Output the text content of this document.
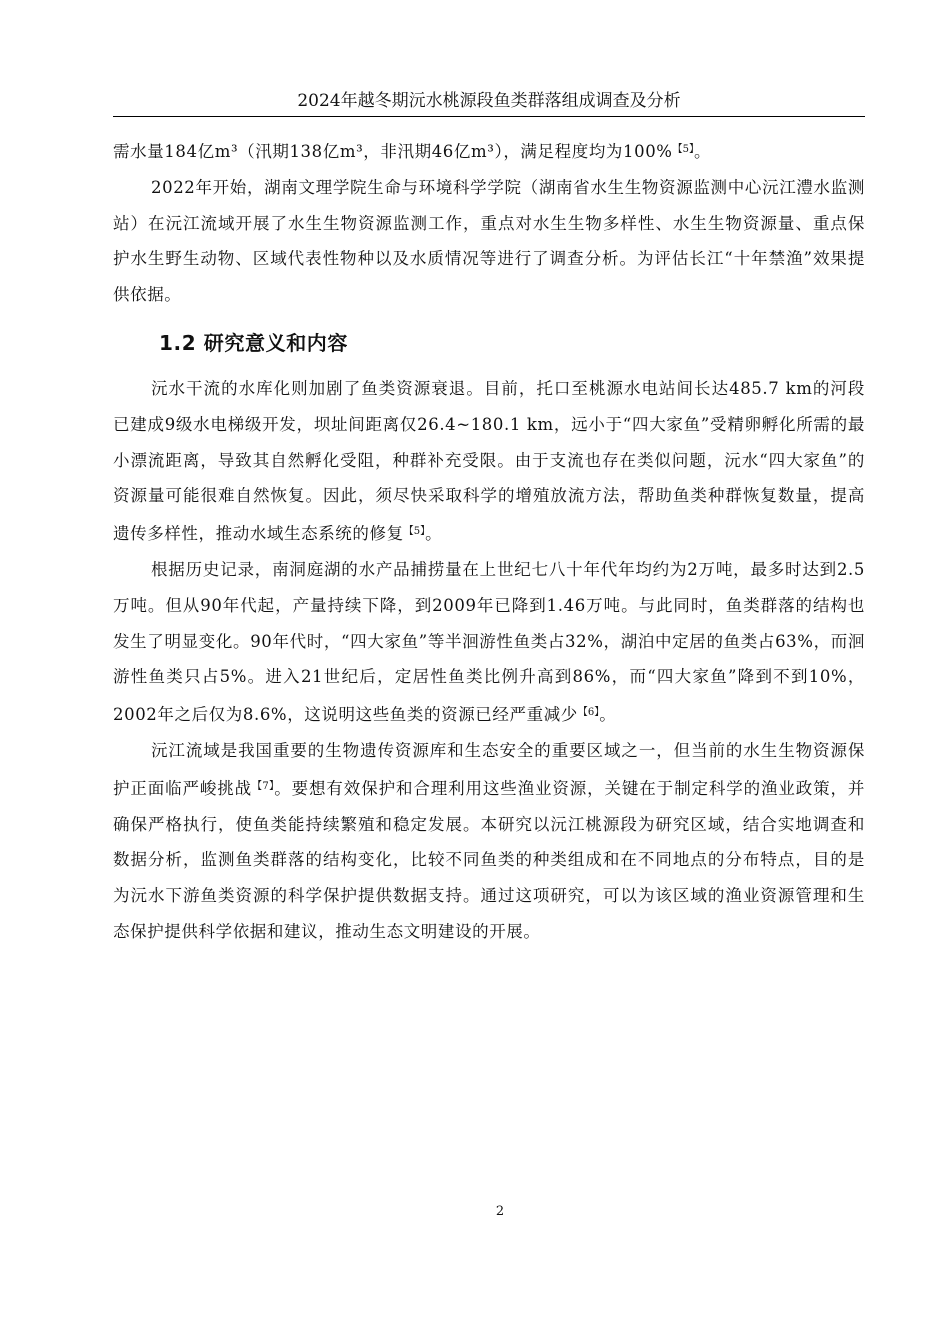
2024年越冬期沅水桃源段鱼类群落组成调查及分析

需水量184亿m³（汛期138亿m³，非汛期46亿m³），满足程度均为100%$^{【5】}$。

2022年开始，湖南文理学院生命与环境科学学院（湖南省水生生物资源监测中心沅江澧水监测站）在沅江流域开展了水生生物资源监测工作，重点对水生生物多样性、水生生物资源量、重点保护水生野生动物、区域代表性物种以及水质情况等进行了调查分析。为评估长江“十年禁渔”效果提供依据。

1.2 研究意义和内容

沅水干流的水库化则加剧了鱼类资源衰退。目前，托口至桃源水电站间长达485.7 km的河段已建成9级水电梯级开发，坝址间距离仅26.4~180.1 km，远小于“四大家鱼”受精卵孵化所需的最小漂流距离，导致其自然孵化受阻，种群补充受限。由于支流也存在类似问题，沅水“四大家鱼”的资源量可能很难自然恢复。因此，须尽快采取科学的增殖放流方法，帮助鱼类种群恢复数量，提高遗传多样性，推动水域生态系统的修复$^{【5】}$。

根据历史记录，南洞庭湖的水产品捕捞量在上世纪七八十年代年均约为2万吨，最多时达到2.5万吨。但从90年代起，产量持续下降，到2009年已降到1.46万吨。与此同时，鱼类群落的结构也发生了明显变化。90年代时，“四大家鱼”等半洄游性鱼类占32%，湖泊中定居的鱼类占63%，而洄游性鱼类只占5%。进入21世纪后，定居性鱼类比例升高到86%，而“四大家鱼”降到不到10%，2002年之后仅为8.6%，这说明这些鱼类的资源已经严重减少$^{【6】}$。

沅江流域是我国重要的生物遗传资源库和生态安全的重要区域之一，但当前的水生生物资源保护正面临严峻挑战$^{【7】}$。要想有效保护和合理利用这些渔业资源，关键在于制定科学的渔业政策，并确保严格执行，使鱼类能持续繁殖和稳定发展。本研究以沅江桃源段为研究区域，结合实地调查和数据分析，监测鱼类群落的结构变化，比较不同鱼类的种类组成和在不同地点的分布特点，目的是为沅水下游鱼类资源的科学保护提供数据支持。通过这项研究，可以为该区域的渔业资源管理和生态保护提供科学依据和建议，推动生态文明建设的开展。

2
